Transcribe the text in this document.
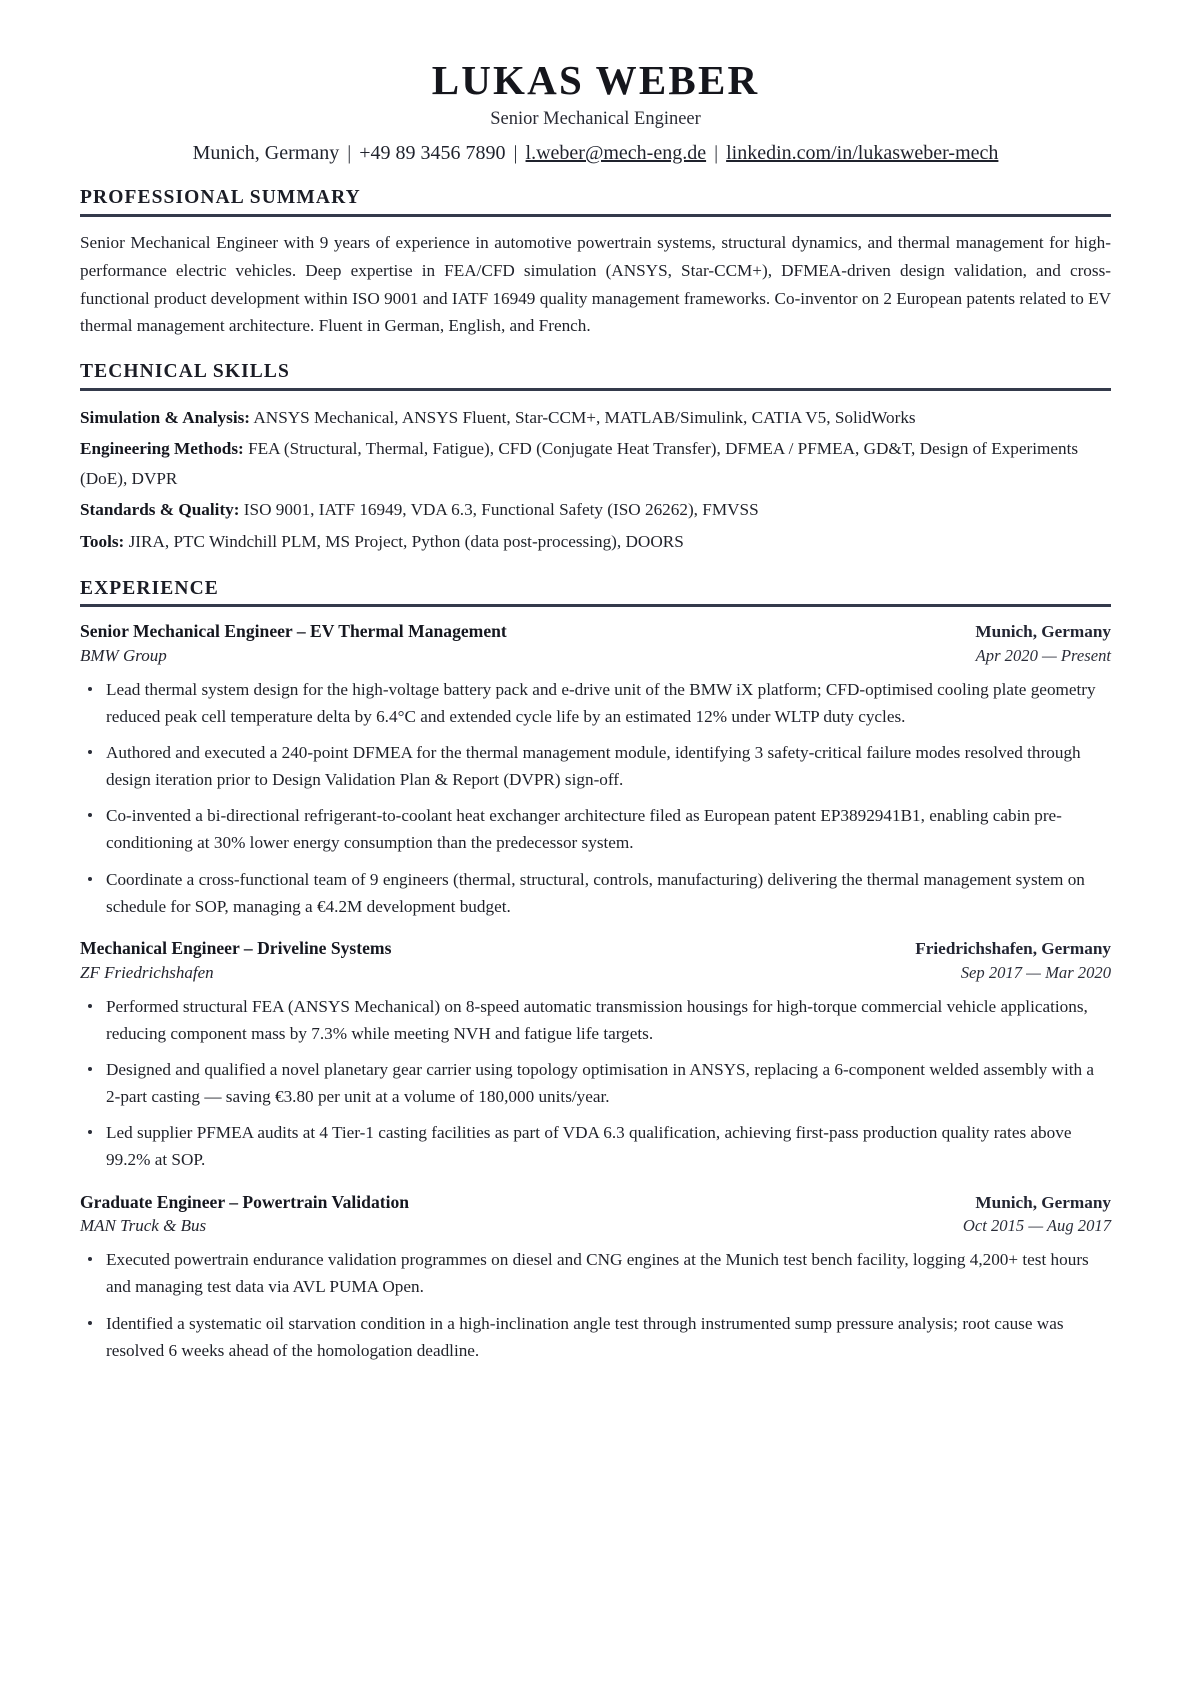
LUKAS WEBER
Senior Mechanical Engineer
Munich, Germany | +49 89 3456 7890 | l.weber@mech-eng.de | linkedin.com/in/lukasweber-mech
PROFESSIONAL SUMMARY

Senior Mechanical Engineer with 9 years of experience in automotive powertrain systems, structural dynamics, and thermal management for high-performance electric vehicles. Deep expertise in FEA/CFD simulation (ANSYS, Star-CCM+), DFMEA-driven design validation, and cross-functional product development within ISO 9001 and IATF 16949 quality management frameworks. Co-inventor on 2 European patents related to EV thermal management architecture. Fluent in German, English, and French.

TECHNICAL SKILLS

Simulation & Analysis: ANSYS Mechanical, ANSYS Fluent, Star-CCM+, MATLAB/Simulink, CATIA V5, SolidWorks

Engineering Methods: FEA (Structural, Thermal, Fatigue), CFD (Conjugate Heat Transfer), DFMEA / PFMEA, GD&T, Design of Experiments (DoE), DVPR

Standards & Quality: ISO 9001, IATF 16949, VDA 6.3, Functional Safety (ISO 26262), FMVSS

Tools: JIRA, PTC Windchill PLM, MS Project, Python (data post-processing), DOORS

EXPERIENCE
Senior Mechanical Engineer – EV Thermal Management	Munich, Germany
BMW Group	Apr 2020 — Present
Lead thermal system design for the high-voltage battery pack and e-drive unit of the BMW iX platform; CFD-optimised cooling plate geometry reduced peak cell temperature delta by 6.4°C and extended cycle life by an estimated 12% under WLTP duty cycles.
Authored and executed a 240-point DFMEA for the thermal management module, identifying 3 safety-critical failure modes resolved through design iteration prior to Design Validation Plan & Report (DVPR) sign-off.
Co-invented a bi-directional refrigerant-to-coolant heat exchanger architecture filed as European patent EP3892941B1, enabling cabin pre-conditioning at 30% lower energy consumption than the predecessor system.
Coordinate a cross-functional team of 9 engineers (thermal, structural, controls, manufacturing) delivering the thermal management system on schedule for SOP, managing a €4.2M development budget.
Mechanical Engineer – Driveline Systems	Friedrichshafen, Germany
ZF Friedrichshafen	Sep 2017 — Mar 2020
Performed structural FEA (ANSYS Mechanical) on 8-speed automatic transmission housings for high-torque commercial vehicle applications, reducing component mass by 7.3% while meeting NVH and fatigue life targets.
Designed and qualified a novel planetary gear carrier using topology optimisation in ANSYS, replacing a 6-component welded assembly with a 2-part casting — saving €3.80 per unit at a volume of 180,000 units/year.
Led supplier PFMEA audits at 4 Tier-1 casting facilities as part of VDA 6.3 qualification, achieving first-pass production quality rates above 99.2% at SOP.
Graduate Engineer – Powertrain Validation	Munich, Germany
MAN Truck & Bus	Oct 2015 — Aug 2017
Executed powertrain endurance validation programmes on diesel and CNG engines at the Munich test bench facility, logging 4,200+ test hours and managing test data via AVL PUMA Open.
Identified a systematic oil starvation condition in a high-inclination angle test through instrumented sump pressure analysis; root cause was resolved 6 weeks ahead of the homologation deadline.
